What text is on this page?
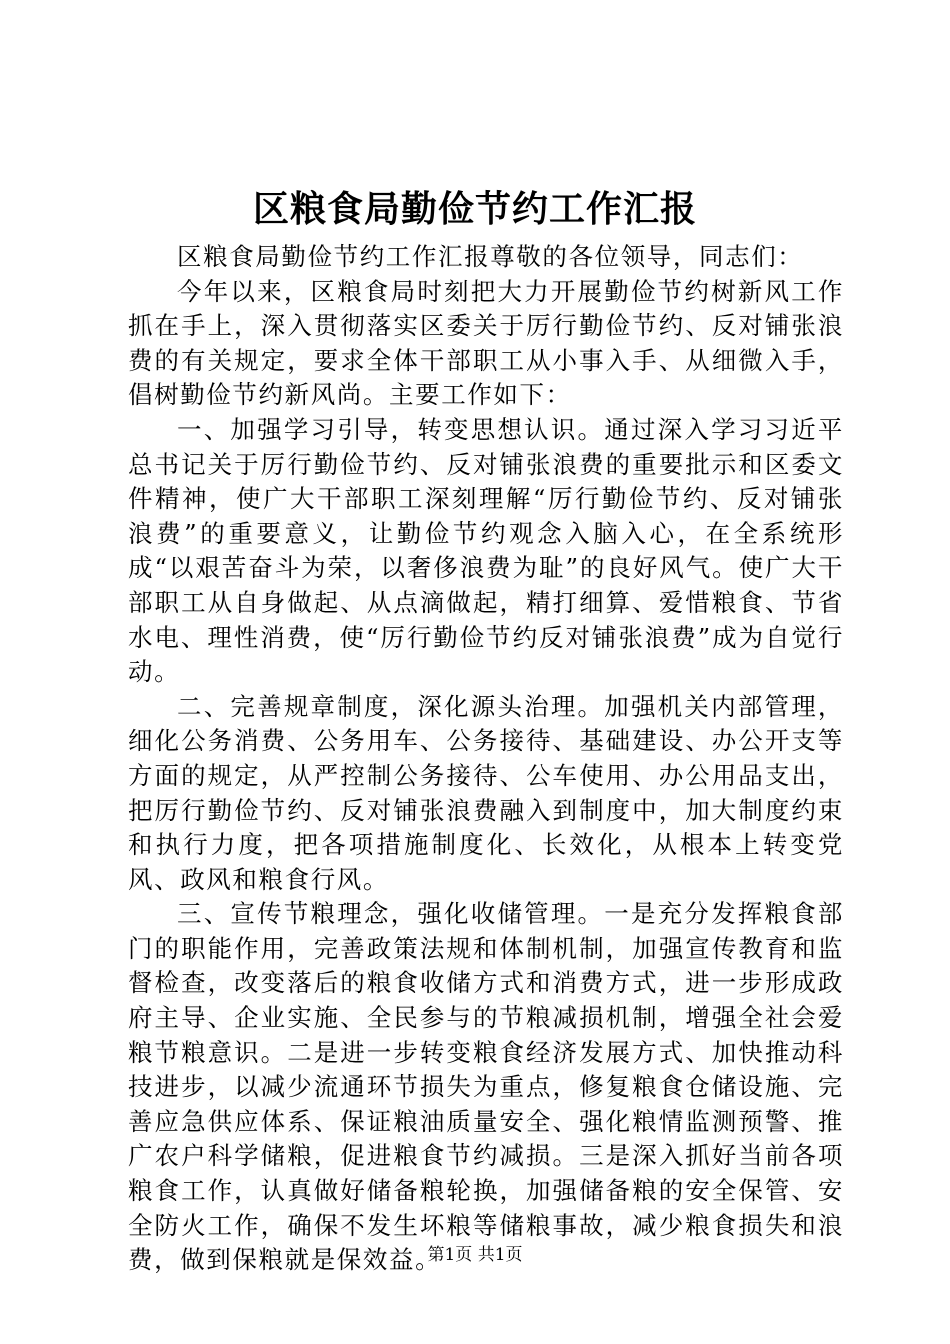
区粮食局勤俭节约工作汇报

区粮食局勤俭节约工作汇报尊敬的各位领导，同志们：

今年以来，区粮食局时刻把大力开展勤俭节约树新风工作抓在手上，深入贯彻落实区委关于厉行勤俭节约、反对铺张浪费的有关规定，要求全体干部职工从小事入手、从细微入手，倡树勤俭节约新风尚。主要工作如下：

一、加强学习引导，转变思想认识。通过深入学习习近平总书记关于厉行勤俭节约、反对铺张浪费的重要批示和区委文件精神，使广大干部职工深刻理解“厉行勤俭节约、反对铺张浪费”的重要意义，让勤俭节约观念入脑入心，在全系统形成“以艰苦奋斗为荣，以奢侈浪费为耻”的良好风气。使广大干部职工从自身做起、从点滴做起，精打细算、爱惜粮食、节省水电、理性消费，使“厉行勤俭节约反对铺张浪费”成为自觉行动。

二、完善规章制度，深化源头治理。加强机关内部管理，细化公务消费、公务用车、公务接待、基础建设、办公开支等方面的规定，从严控制公务接待、公车使用、办公用品支出，把厉行勤俭节约、反对铺张浪费融入到制度中，加大制度约束和执行力度，把各项措施制度化、长效化，从根本上转变党风、政风和粮食行风。

三、宣传节粮理念，强化收储管理。一是充分发挥粮食部门的职能作用，完善政策法规和体制机制，加强宣传教育和监督检查，改变落后的粮食收储方式和消费方式，进一步形成政府主导、企业实施、全民参与的节粮减损机制，增强全社会爱粮节粮意识。二是进一步转变粮食经济发展方式、加快推动科技进步，以减少流通环节损失为重点，修复粮食仓储设施、完善应急供应体系、保证粮油质量安全、强化粮情监测预警、推广农户科学储粮，促进粮食节约减损。三是深入抓好当前各项粮食工作，认真做好储备粮轮换，加强储备粮的安全保管、安全防火工作，确保不发生坏粮等储粮事故，减少粮食损失和浪费，做到保粮就是保效益。

第1页 共1页
